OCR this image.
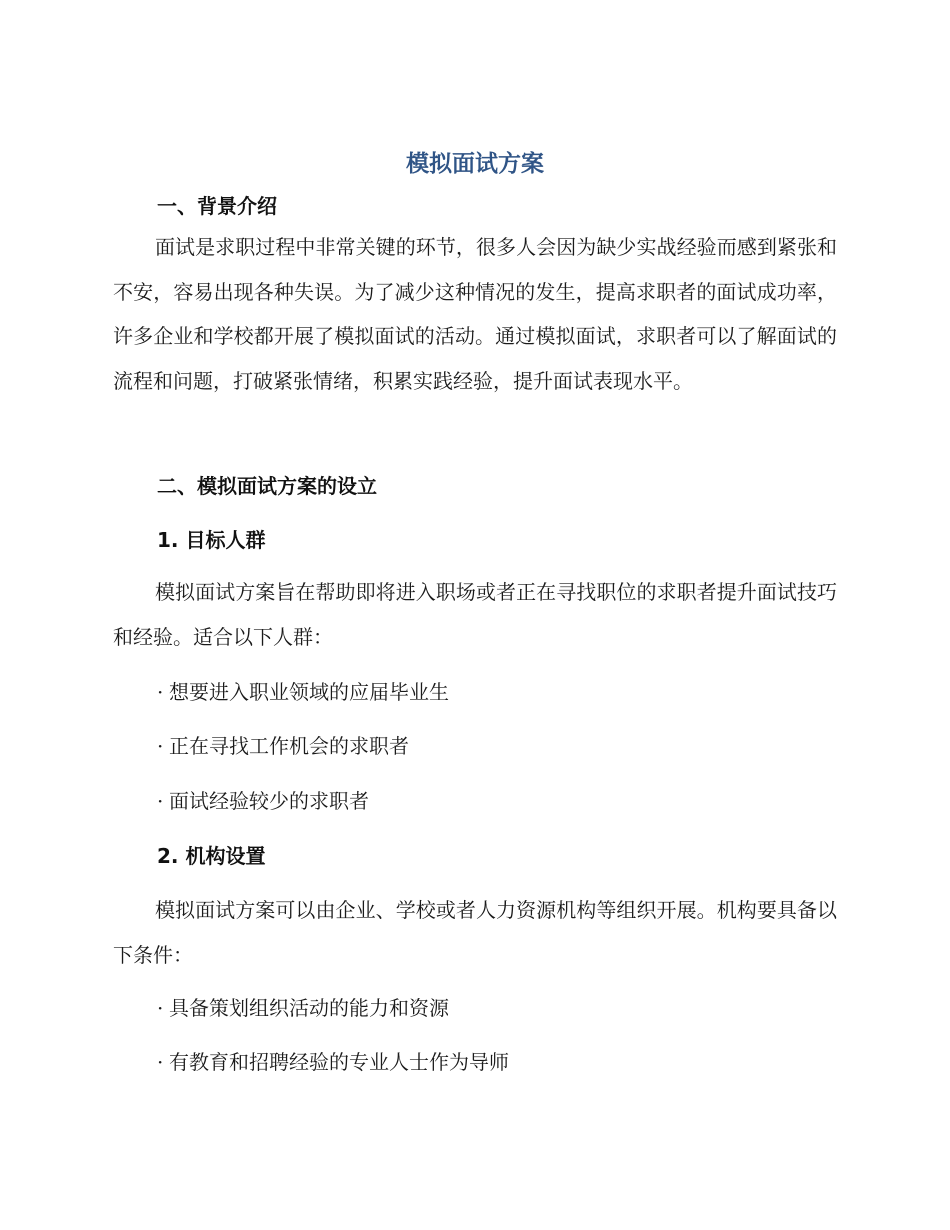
模拟面试方案
一、背景介绍
面试是求职过程中非常关键的环节，很多人会因为缺少实战经验而感到紧张和不安，容易出现各种失误。为了减少这种情况的发生，提高求职者的面试成功率，许多企业和学校都开展了模拟面试的活动。通过模拟面试，求职者可以了解面试的流程和问题，打破紧张情绪，积累实践经验，提升面试表现水平。
二、模拟面试方案的设立
1. 目标人群
模拟面试方案旨在帮助即将进入职场或者正在寻找职位的求职者提升面试技巧和经验。适合以下人群：
· 想要进入职业领域的应届毕业生
· 正在寻找工作机会的求职者
· 面试经验较少的求职者
2. 机构设置
模拟面试方案可以由企业、学校或者人力资源机构等组织开展。机构要具备以下条件：
· 具备策划组织活动的能力和资源
· 有教育和招聘经验的专业人士作为导师
